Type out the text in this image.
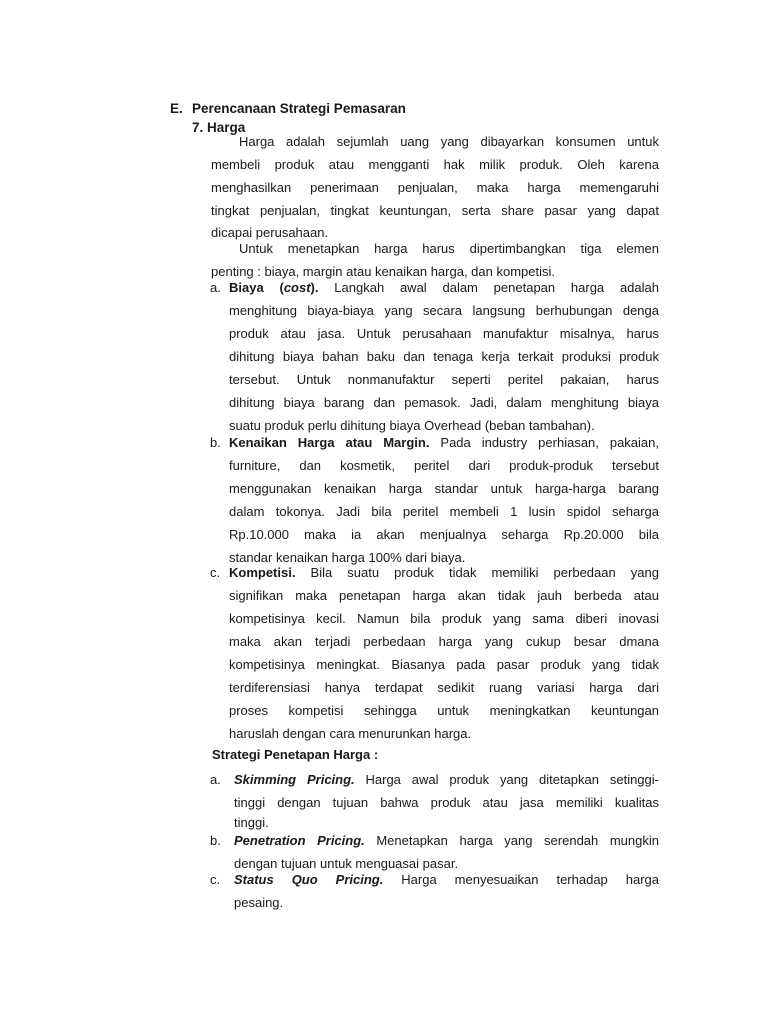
E. Perencanaan Strategi Pemasaran
7. Harga
Harga adalah sejumlah uang yang dibayarkan konsumen untuk
membeli produk atau mengganti hak milik produk. Oleh karena
menghasilkan penerimaan penjualan, maka harga memengaruhi
tingkat penjualan, tingkat keuntungan, serta share pasar yang dapat
dicapai perusahaan.
Untuk menetapkan harga harus dipertimbangkan tiga elemen
penting : biaya, margin atau kenaikan harga, dan kompetisi.
a. Biaya (cost). Langkah awal dalam penetapan harga adalah
menghitung biaya-biaya yang secara langsung berhubungan denga
produk atau jasa. Untuk perusahaan manufaktur misalnya, harus
dihitung biaya bahan baku dan tenaga kerja terkait produksi produk
tersebut. Untuk nonmanufaktur seperti peritel pakaian, harus
dihitung biaya barang dan pemasok. Jadi, dalam menghitung biaya
suatu produk perlu dihitung biaya Overhead (beban tambahan).
b. Kenaikan Harga atau Margin. Pada industry perhiasan, pakaian,
furniture, dan kosmetik, peritel dari produk-produk tersebut
menggunakan kenaikan harga standar untuk harga-harga barang
dalam tokonya. Jadi bila peritel membeli 1 lusin spidol seharga
Rp.10.000 maka ia akan menjualnya seharga Rp.20.000 bila
standar kenaikan harga 100% dari biaya.
c. Kompetisi. Bila suatu produk tidak memiliki perbedaan yang
signifikan maka penetapan harga akan tidak jauh berbeda atau
kompetisinya kecil. Namun bila produk yang sama diberi inovasi
maka akan terjadi perbedaan harga yang cukup besar dmana
kompetisinya meningkat. Biasanya pada pasar produk yang tidak
terdiferensiasi hanya terdapat sedikit ruang variasi harga dari
proses kompetisi sehingga untuk meningkatkan keuntungan
haruslah dengan cara menurunkan harga.
Strategi Penetapan Harga :
a.	Skimming Pricing. Harga awal produk yang ditetapkan setinggi-
tinggi dengan tujuan bahwa produk atau jasa memiliki kualitas
tinggi.
b.	Penetration Pricing. Menetapkan harga yang serendah mungkin
dengan tujuan untuk menguasai pasar.
c.	Status Quo Pricing. Harga menyesuaikan terhadap harga
pesaing.
